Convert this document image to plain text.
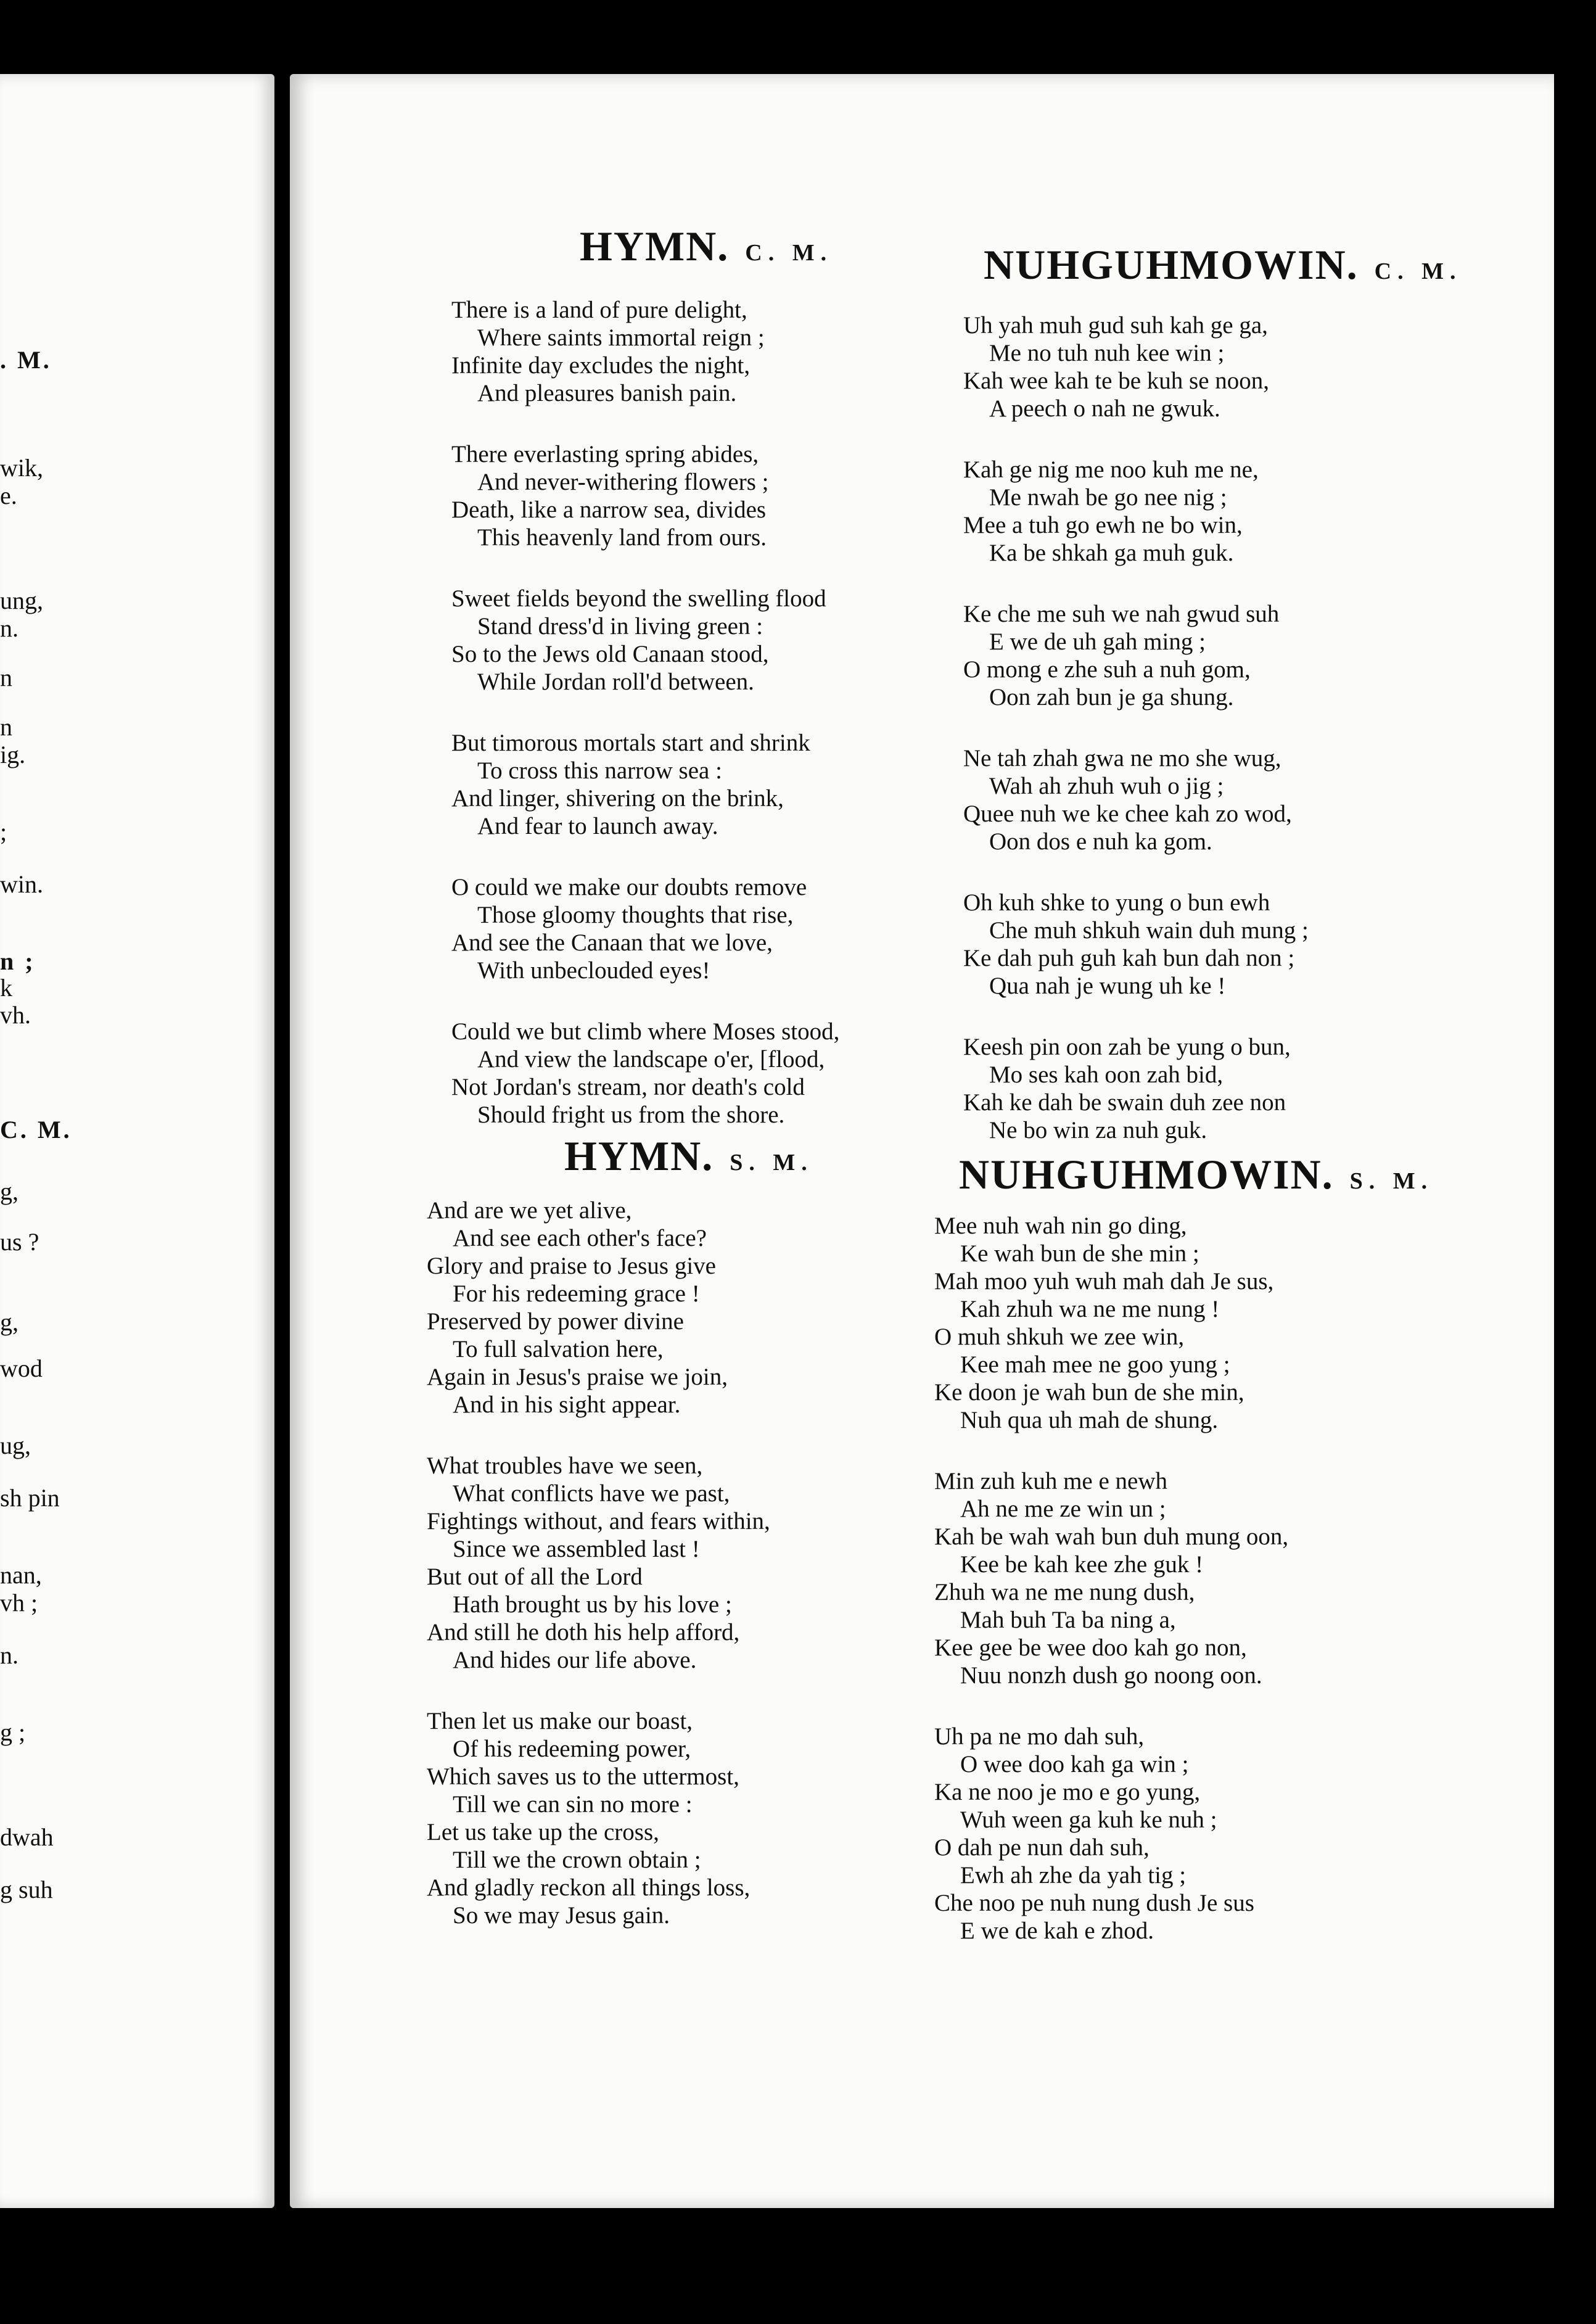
. M.
wik,
e.
ung,
n.
n
n
ig.
;
win.
n ;
k
vh.
C. M.
g,
us ?
g,
wod
ug,
sh pin
nan,
vh ;
n.
g ;
dwah
g suh
HYMN. C. M.
There is a land of pure delight,
Where saints immortal reign ;
Infinite day excludes the night,
And pleasures banish pain.
There everlasting spring abides,
And never-withering flowers ;
Death, like a narrow sea, divides
This heavenly land from ours.
Sweet fields beyond the swelling flood
Stand dress'd in living green :
So to the Jews old Canaan stood,
While Jordan roll'd between.
But timorous mortals start and shrink
To cross this narrow sea :
And linger, shivering on the brink,
And fear to launch away.
O could we make our doubts remove
Those gloomy thoughts that rise,
And see the Canaan that we love,
With unbeclouded eyes!
Could we but climb where Moses stood,
And view the landscape o'er, [flood,
Not Jordan's stream, nor death's cold
Should fright us from the shore.
NUHGUHMOWIN. C. M.
Uh yah muh gud suh kah ge ga,
Me no tuh nuh kee win ;
Kah wee kah te be kuh se noon,
A peech o nah ne gwuk.
Kah ge nig me noo kuh me ne,
Me nwah be go nee nig ;
Mee a tuh go ewh ne bo win,
Ka be shkah ga muh guk.
Ke che me suh we nah gwud suh
E we de uh gah ming ;
O mong e zhe suh a nuh gom,
Oon zah bun je ga shung.
Ne tah zhah gwa ne mo she wug,
Wah ah zhuh wuh o jig ;
Quee nuh we ke chee kah zo wod,
Oon dos e nuh ka gom.
Oh kuh shke to yung o bun ewh
Che muh shkuh wain duh mung ;
Ke dah puh guh kah bun dah non ;
Qua nah je wung uh ke !
Keesh pin oon zah be yung o bun,
Mo ses kah oon zah bid,
Kah ke dah be swain duh zee non
Ne bo win za nuh guk.
HYMN. S. M.
And are we yet alive,
And see each other's face?
Glory and praise to Jesus give
For his redeeming grace !
Preserved by power divine
To full salvation here,
Again in Jesus's praise we join,
And in his sight appear.
What troubles have we seen,
What conflicts have we past,
Fightings without, and fears within,
Since we assembled last !
But out of all the Lord
Hath brought us by his love ;
And still he doth his help afford,
And hides our life above.
Then let us make our boast,
Of his redeeming power,
Which saves us to the uttermost,
Till we can sin no more :
Let us take up the cross,
Till we the crown obtain ;
And gladly reckon all things loss,
So we may Jesus gain.
NUHGUHMOWIN. S. M.
Mee nuh wah nin go ding,
Ke wah bun de she min ;
Mah moo yuh wuh mah dah Je sus,
Kah zhuh wa ne me nung !
O muh shkuh we zee win,
Kee mah mee ne goo yung ;
Ke doon je wah bun de she min,
Nuh qua uh mah de shung.
Min zuh kuh me e newh
Ah ne me ze win un ;
Kah be wah wah bun duh mung oon,
Kee be kah kee zhe guk !
Zhuh wa ne me nung dush,
Mah buh Ta ba ning a,
Kee gee be wee doo kah go non,
Nuu nonzh dush go noong oon.
Uh pa ne mo dah suh,
O wee doo kah ga win ;
Ka ne noo je mo e go yung,
Wuh ween ga kuh ke nuh ;
O dah pe nun dah suh,
Ewh ah zhe da yah tig ;
Che noo pe nuh nung dush Je sus
E we de kah e zhod.
